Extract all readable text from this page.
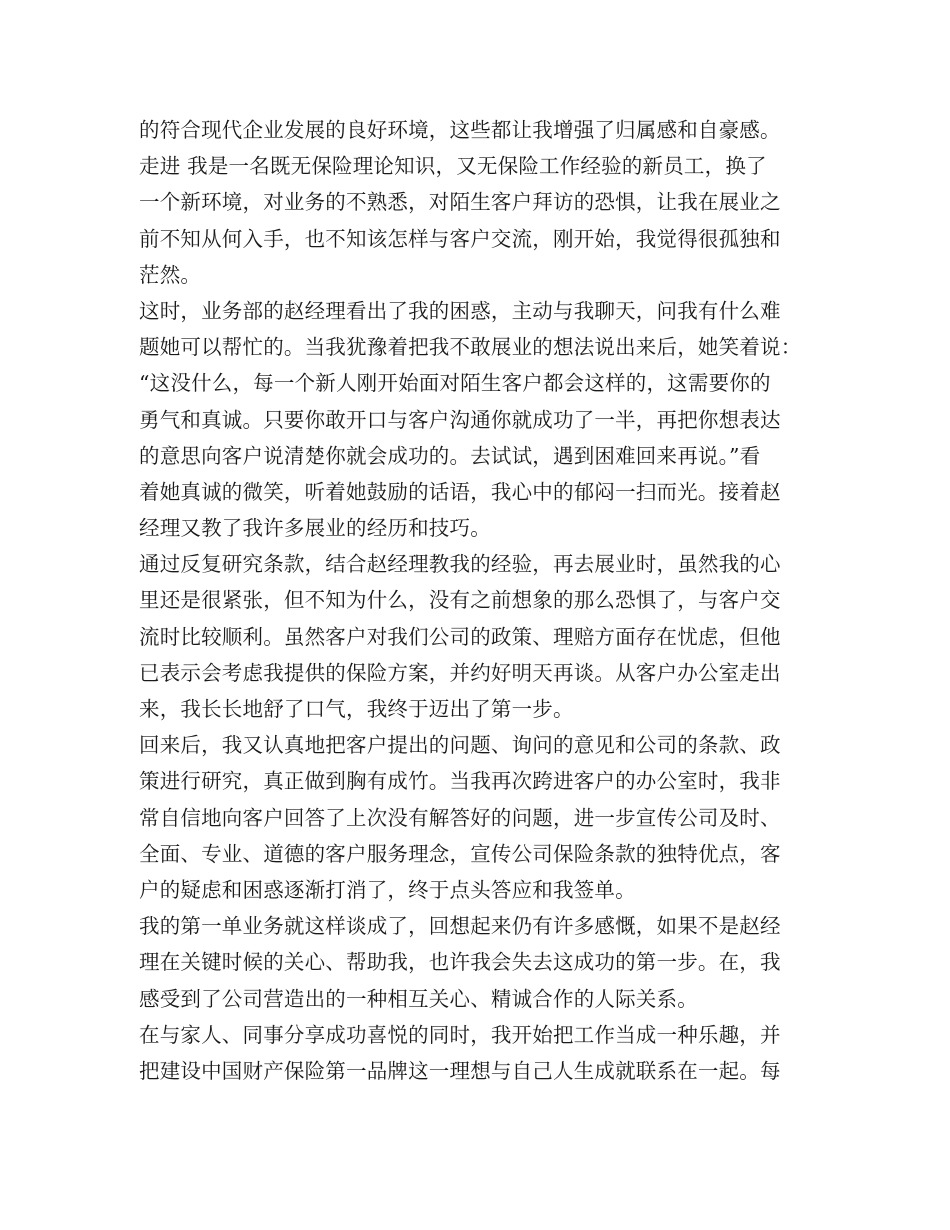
的符合现代企业发展的良好环境，这些都让我增强了归属感和自豪感。
走进 我是一名既无保险理论知识，又无保险工作经验的新员工，换了
一个新环境，对业务的不熟悉，对陌生客户拜访的恐惧，让我在展业之
前不知从何入手，也不知该怎样与客户交流，刚开始，我觉得很孤独和
茫然。
这时，业务部的赵经理看出了我的困惑，主动与我聊天，问我有什么难
题她可以帮忙的。当我犹豫着把我不敢展业的想法说出来后，她笑着说：
“这没什么，每一个新人刚开始面对陌生客户都会这样的，这需要你的
勇气和真诚。只要你敢开口与客户沟通你就成功了一半，再把你想表达
的意思向客户说清楚你就会成功的。去试试，遇到困难回来再说。”看
着她真诚的微笑，听着她鼓励的话语，我心中的郁闷一扫而光。接着赵
经理又教了我许多展业的经历和技巧。
通过反复研究条款，结合赵经理教我的经验，再去展业时，虽然我的心
里还是很紧张，但不知为什么，没有之前想象的那么恐惧了，与客户交
流时比较顺利。虽然客户对我们公司的政策、理赔方面存在忧虑，但他
已表示会考虑我提供的保险方案，并约好明天再谈。从客户办公室走出
来，我长长地舒了口气，我终于迈出了第一步。
回来后，我又认真地把客户提出的问题、询问的意见和公司的条款、政
策进行研究，真正做到胸有成竹。当我再次跨进客户的办公室时，我非
常自信地向客户回答了上次没有解答好的问题，进一步宣传公司及时、
全面、专业、道德的客户服务理念，宣传公司保险条款的独特优点，客
户的疑虑和困惑逐渐打消了，终于点头答应和我签单。
我的第一单业务就这样谈成了，回想起来仍有许多感慨，如果不是赵经
理在关键时候的关心、帮助我，也许我会失去这成功的第一步。在，我
感受到了公司营造出的一种相互关心、精诚合作的人际关系。
在与家人、同事分享成功喜悦的同时，我开始把工作当成一种乐趣，并
把建设中国财产保险第一品牌这一理想与自己人生成就联系在一起。每
